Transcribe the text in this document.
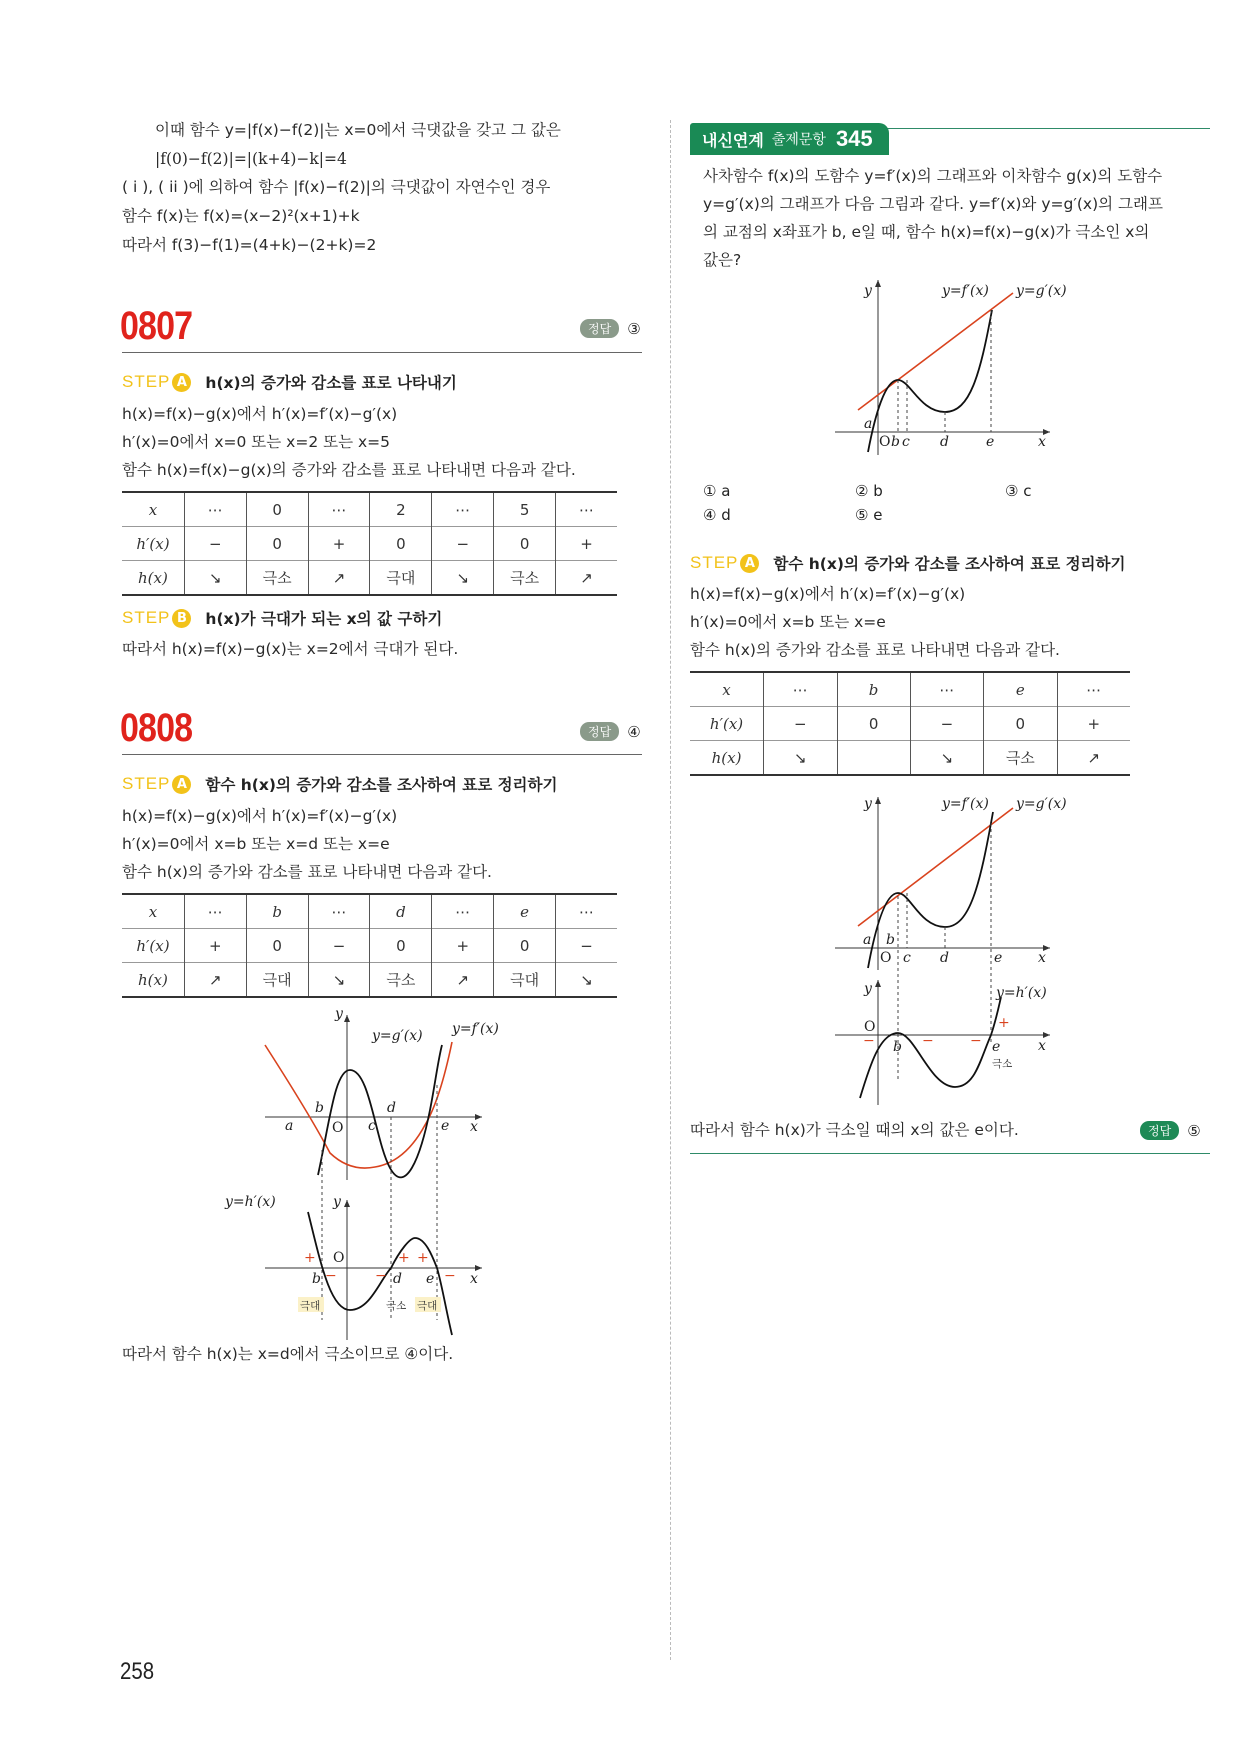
이때 함수 y=|f(x)−f(2)|는 x=0에서 극댓값을 갖고 그 값은
|f(0)−f(2)|=|(k+4)−k|=4
( i ), ( ii )에 의하여 함수 |f(x)−f(2)|의 극댓값이 자연수인 경우
함수 f(x)는 f(x)=(x−2)²(x+1)+k
따라서 f(3)−f(1)=(4+k)−(2+k)=2
0807	정답	③
STEP A h(x)의 증가와 감소를 표로 나타내기
h(x)=f(x)−g(x)에서 h′(x)=f′(x)−g′(x)
h′(x)=0에서 x=0 또는 x=2 또는 x=5
함수 h(x)=f(x)−g(x)의 증가와 감소를 표로 나타내면 다음과 같다.
x	⋯	0	⋯	2	⋯	5	⋯
h′(x)	−	0	+	0	−	0	+
h(x)	↘	극소	↗	극대	↘	극소	↗
STEP B h(x)가 극대가 되는 x의 값 구하기
따라서 h(x)=f(x)−g(x)는 x=2에서 극대가 된다.
0808	정답	④
STEP A 함수 h(x)의 증가와 감소를 조사하여 표로 정리하기
h(x)=f(x)−g(x)에서 h′(x)=f′(x)−g′(x)
h′(x)=0에서 x=b 또는 x=d 또는 x=e
함수 h(x)의 증가와 감소를 표로 나타내면 다음과 같다.
x	⋯	b	⋯	d	⋯	e	⋯
h′(x)	+	0	−	0	+	0	−
h(x)	↗	극대	↘	극소	↗	극대	↘
y
y=g′(x) y=f′(x)
a
b
c
d
e x
O
y=h′(x)	y
b	d e	x
O
+
−	−
+ +
−
극대	극소 극대
따라서 함수 h(x)는 x=d에서 극소이므로 ④이다.
258
내신연계 출제문항 345
사차함수 f(x)의 도함수 y=f′(x)의 그래프와 이차함수 g(x)의 도함수
y=g′(x)의 그래프가 다음 그림과 같다. y=f′(x)와 y=g′(x)의 그래프
의 교점의 x좌표가 b, e일 때, 함수 h(x)=f(x)−g(x)가 극소인 x의
값은?
y	y=f′(x) y=g′(x)
a
b c d	e	x
O
① a	② b	③ c
④ d	⑤ e
STEP A 함수 h(x)의 증가와 감소를 조사하여 표로 정리하기
h(x)=f(x)−g(x)에서 h′(x)=f′(x)−g′(x)
h′(x)=0에서 x=b 또는 x=e
함수 h(x)의 증가와 감소를 표로 나타내면 다음과 같다.
x	⋯	b	⋯	e	⋯
h′(x)	−	0	−	0	+
h(x)	↘		↘	극소	↗
y	y=f′(x) y=g′(x)
a b
c d	e	x
O
y	y=h′(x)
b	e	x
O
−	−	−
+
극소
따라서 함수 h(x)가 극소일 때의 x의 값은 e이다.	정답	⑤
